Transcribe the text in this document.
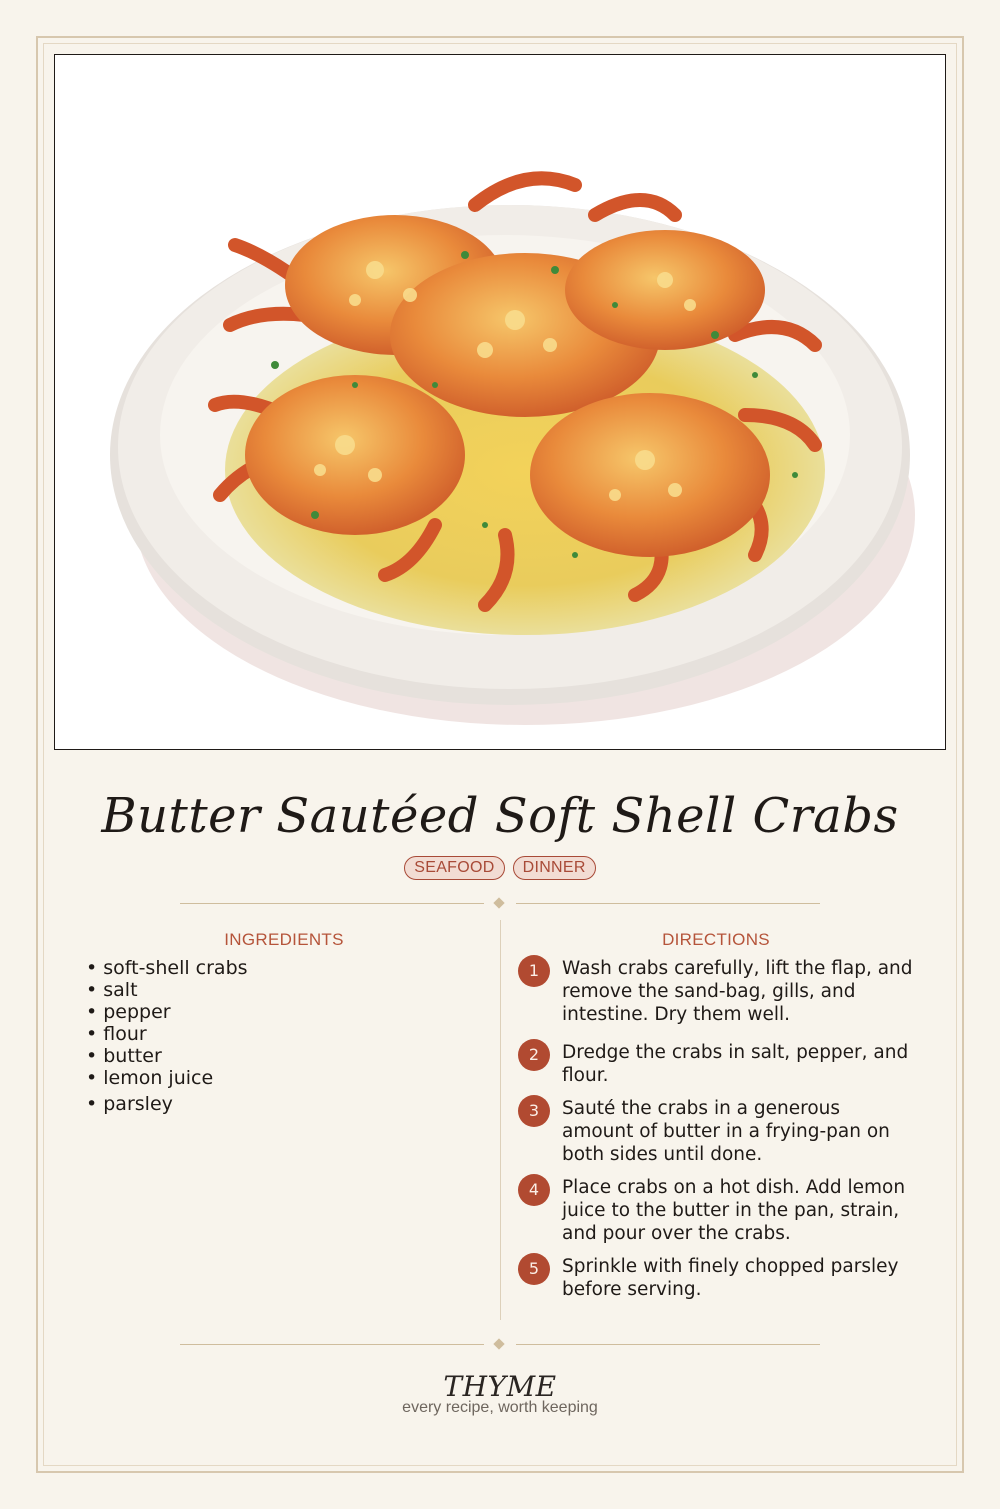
Butter Sautéed Soft Shell Crabs
SEAFOOD	DINNER
INGREDIENTS	DIRECTIONS
• soft-shell crabs
• salt
• pepper
• flour
• butter
• lemon juice
• parsley
1	Wash crabs carefully, lift the flap, and remove the sand-bag, gills, and intestine. Dry them well.
2	Dredge the crabs in salt, pepper, and flour.
3	Sauté the crabs in a generous amount of butter in a frying-pan on both sides until done.
4	Place crabs on a hot dish. Add lemon juice to the butter in the pan, strain, and pour over the crabs.
5	Sprinkle with finely chopped parsley before serving.
THYME
every recipe, worth keeping
